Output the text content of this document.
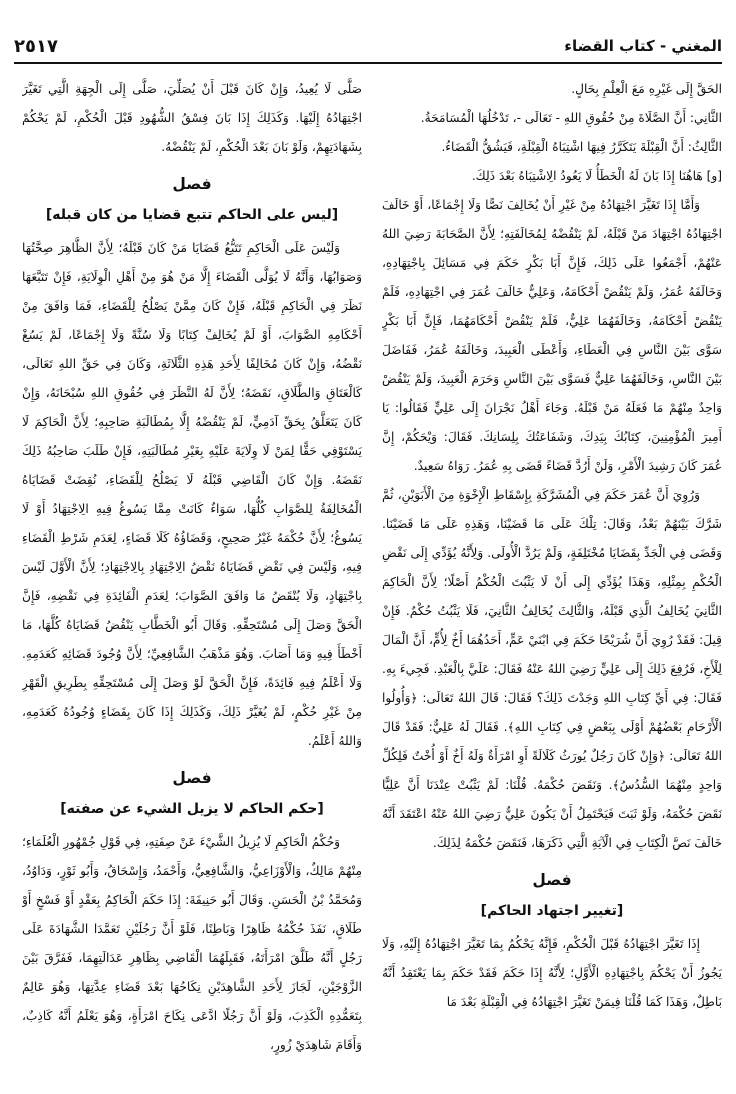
٢٥١٧	المغني - كتاب القضاء

الحَقَّ إِلَى غَيْرِهِ مَعَ الْعِلْمِ بِحَالٍ.

الثَّانِي: أَنَّ الصَّلَاةَ مِنْ حُقُوقِ اللهِ - تَعَالَى -، تَدْخُلُهَا الْمُسَامَحَةُ.

الثَّالِثُ: أَنَّ الْقِبْلَةَ يَتَكَرَّرُ فِيهَا اشْتِبَاهُ الْقِبْلَةِ، فَيَشُقُّ الْقَضَاءُ.

[و] هَاهُنَا إِذَا بَانَ لَهُ الْخَطَأُ لَا يَعُودُ الِاشْتِبَاهُ بَعْدَ ذَلِكَ.

وَأَمَّا إِذَا تَغَيَّرَ اجْتِهَادُهُ مِنْ غَيْرِ أَنْ يُخَالِفَ نَصًّا وَلَا إِجْمَاعًا، أَوْ خَالَفَ اجْتِهَادُهُ اجْتِهَادَ مَنْ قَبْلَهُ، لَمْ يَنْقُضْهُ لِمُخَالَفَتِهِ؛ لِأَنَّ الصَّحَابَةَ رَضِيَ اللهُ عَنْهُمْ، أَجْمَعُوا عَلَى ذَلِكَ، فَإِنَّ أَبَا بَكْرٍ حَكَمَ فِي مَسَائِلَ بِاجْتِهَادِهِ، وَخَالَفَهُ عُمَرُ، وَلَمْ يَنْقُضْ أَحْكَامَهُ، وَعَلِيٌّ خَالَفَ عُمَرَ فِي اجْتِهَادِهِ، فَلَمْ يَنْقُضْ أَحْكَامَهُ، وَخَالَفَهُمَا عَلِيٌّ، فَلَمْ يَنْقُضْ أَحْكَامَهُمَا، فَإِنَّ أَبَا بَكْرٍ سَوَّى بَيْنَ النَّاسِ فِي الْعَطَاءِ، وَأَعْطَى الْعَبِيدَ، وَخَالَفَهُ عُمَرُ، فَفَاضَلَ بَيْنَ النَّاسِ، وَخَالَفَهُمَا عَلِيٌّ فَسَوَّى بَيْنَ النَّاسِ وَحَرَمَ الْعَبِيدَ، وَلَمْ يَنْقُضْ وَاحِدٌ مِنْهُمْ مَا فَعَلَهُ مَنْ قَبْلَهُ. وَجَاءَ أَهْلُ نَجْرَانَ إِلَى عَلِيٍّ فَقَالُوا: يَا أَمِيرَ الْمُؤْمِنِينَ، كِتَابُكَ بِيَدِكَ، وَشَفَاعَتُكَ بِلِسَانِكَ. فَقَالَ: وَيْحَكُمْ، إِنَّ عُمَرَ كَانَ رَشِيدَ الْأَمْرِ، وَلَنْ أَرُدَّ قَضَاءً قَضَى بِهِ عُمَرُ. رَوَاهُ سَعِيدٌ.

وَرُوِيَ أَنَّ عُمَرَ حَكَمَ فِي الْمُشَرَّكَةِ بِإِسْقَاطِ الْإِخْوَةِ مِنَ الْأَبَوَيْنِ، ثُمَّ شَرَّكَ بَيْنَهُمْ بَعْدُ، وَقَالَ: تِلْكَ عَلَى مَا قَضَيْنَا، وَهَذِهِ عَلَى مَا قَضَيْنَا. وَقَضَى فِي الْجَدِّ بِقَضَايَا مُخْتَلِفَةٍ، وَلَمْ يَرُدَّ الْأُولَى. وَلِأَنَّهُ يُؤَدِّي إِلَى نَقْضِ الْحُكْمِ بِمِثْلِهِ، وَهَذَا يُؤَدِّي إِلَى أَنْ لَا يَثْبُتَ الْحُكْمُ أَصْلًا؛ لِأَنَّ الْحَاكِمَ الثَّانِيَ يُخَالِفُ الَّذِي قَبْلَهُ، وَالثَّالِثَ يُخَالِفُ الثَّانِيَ، فَلَا يَثْبُتُ حُكْمٌ. فَإِنْ قِيلَ: فَقَدْ رُوِيَ أَنَّ شُرَيْحًا حَكَمَ فِي ابْنَيْ عَمٍّ، أَحَدُهُمَا أَخٌ لِأُمٍّ، أَنَّ الْمَالَ لِلْأَخِ، فَرُفِعَ ذَلِكَ إِلَى عَلِيٍّ رَضِيَ اللهُ عَنْهُ فَقَالَ: عَلَيَّ بِالْعَبْدِ. فَجِيءَ بِهِ. فَقَالَ: فِي أَيِّ كِتَابِ اللهِ وَجَدْتَ ذَلِكَ؟ فَقَالَ: قَالَ اللهُ تَعَالَى: ﴿وَأُولُوا الْأَرْحَامِ بَعْضُهُمْ أَوْلَى بِبَعْضٍ فِي كِتَابِ اللهِ﴾. فَقَالَ لَهُ عَلِيٌّ: فَقَدْ قَالَ اللهُ تَعَالَى: ﴿وَإِنْ كَانَ رَجُلٌ يُورَثُ كَلَالَةً أَوِ امْرَأَةٌ وَلَهُ أَخٌ أَوْ أُخْتٌ فَلِكُلِّ وَاحِدٍ مِنْهُمَا السُّدُسُ﴾. وَنَقَضَ حُكْمَهُ. قُلْنَا: لَمْ يَثْبُتْ عِنْدَنَا أَنَّ عَلِيًّا نَقَضَ حُكْمَهُ، وَلَوْ ثَبَتَ فَيَحْتَمِلُ أَنْ يَكُونَ عَلِيٌّ رَضِيَ اللهُ عَنْهُ اعْتَقَدَ أَنَّهُ خَالَفَ نَصَّ الْكِتَابِ فِي الْآيَةِ الَّتِي ذَكَرَهَا، فَنَقَضَ حُكْمَهُ لِذَلِكَ.

فصل
[تغيير اجتهاد الحاكم]

إِذَا تَغَيَّرَ اجْتِهَادُهُ قَبْلَ الْحُكْمِ، فَإِنَّهُ يَحْكُمُ بِمَا تَغَيَّرَ اجْتِهَادُهُ إِلَيْهِ، وَلَا يَجُوزُ أَنْ يَحْكُمَ بِاجْتِهَادِهِ الْأَوَّلِ؛ لِأَنَّهُ إِذَا حَكَمَ فَقَدْ حَكَمَ بِمَا يَعْتَقِدُ أَنَّهُ بَاطِلٌ، وَهَذَا كَمَا قُلْنَا فِيمَنْ تَغَيَّرَ اجْتِهَادُهُ فِي الْقِبْلَةِ بَعْدَ مَا

صَلَّى لَا يُعِيدُ، وَإِنْ كَانَ قَبْلَ أَنْ يُصَلِّيَ، صَلَّى إِلَى الْجِهَةِ الَّتِي تَغَيَّرَ اجْتِهَادُهُ إِلَيْهَا. وَكَذَلِكَ إِذَا بَانَ فِسْقُ الشُّهُودِ قَبْلَ الْحُكْمِ، لَمْ يَحْكُمْ بِشَهَادَتِهِمْ، وَلَوْ بَانَ بَعْدَ الْحُكْمِ، لَمْ يَنْقُضْهُ.

فصل
[ليس على الحاكم تتبع قضايا من كان قبله]

وَلَيْسَ عَلَى الْحَاكِمِ تَتَبُّعُ قَضَايَا مَنْ كَانَ قَبْلَهُ؛ لِأَنَّ الظَّاهِرَ صِحَّتُهَا وَصَوَابُهَا، وَأَنَّهُ لَا يُوَلَّى الْقَضَاءَ إِلَّا مَنْ هُوَ مِنْ أَهْلِ الْوِلَايَةِ، فَإِنْ تَتَبَّعَهَا نَظَرَ فِي الْحَاكِمِ قَبْلَهُ، فَإِنْ كَانَ مِمَّنْ يَصْلُحُ لِلْقَضَاءِ، فَمَا وَافَقَ مِنْ أَحْكَامِهِ الصَّوَابَ، أَوْ لَمْ يُخَالِفْ كِتَابًا وَلَا سُنَّةً وَلَا إِجْمَاعًا، لَمْ يَسُغْ نَقْضُهُ، وَإِنْ كَانَ مُخَالِفًا لِأَحَدِ هَذِهِ الثَّلَاثَةِ، وَكَانَ فِي حَقِّ اللهِ تَعَالَى، كَالْعَتَاقِ وَالطَّلَاقِ، نَقَضَهُ؛ لِأَنَّ لَهُ النَّظَرَ فِي حُقُوقِ اللهِ سُبْحَانَهُ، وَإِنْ كَانَ يَتَعَلَّقُ بِحَقِّ آدَمِيٍّ، لَمْ يَنْقُضْهُ إِلَّا بِمُطَالَبَةِ صَاحِبِهِ؛ لِأَنَّ الْحَاكِمَ لَا يَسْتَوْفِي حَقًّا لِمَنْ لَا وِلَايَةَ عَلَيْهِ بِغَيْرِ مُطَالَبَتِهِ، فَإِنْ طَلَبَ صَاحِبُهُ ذَلِكَ نَقَضَهُ. وَإِنْ كَانَ الْقَاضِي قَبْلَهُ لَا يَصْلُحُ لِلْقَضَاءِ، نُقِضَتْ قَضَايَاهُ الْمُخَالِفَةُ لِلصَّوَابِ كُلُّهَا، سَوَاءٌ كَانَتْ مِمَّا يَسُوغُ فِيهِ الِاجْتِهَادُ أَوْ لَا يَسُوغُ؛ لِأَنَّ حُكْمَهُ غَيْرُ صَحِيحٍ، وَقَضَاؤُهُ كَلَا قَضَاءٍ، لِعَدَمِ شَرْطِ الْقَضَاءِ فِيهِ، وَلَيْسَ فِي نَقْضِ قَضَايَاهُ نَقْضُ الِاجْتِهَادِ بِالِاجْتِهَادِ؛ لِأَنَّ الْأَوَّلَ لَيْسَ بِاجْتِهَادٍ، وَلَا يُنْقَضُ مَا وَافَقَ الصَّوَابَ؛ لِعَدَمِ الْفَائِدَةِ فِي نَقْضِهِ، فَإِنَّ الْحَقَّ وَصَلَ إِلَى مُسْتَحِقِّهِ. وَقَالَ أَبُو الْخَطَّابِ يَنْقُضُ قَضَايَاهُ كُلَّهَا، مَا أَخْطَأَ فِيهِ وَمَا أَصَابَ. وَهُوَ مَذْهَبُ الشَّافِعِيِّ؛ لِأَنَّ وُجُودَ قَضَائِهِ كَعَدَمِهِ. وَلَا أَعْلَمُ فِيهِ فَائِدَةً، فَإِنَّ الْحَقَّ لَوْ وَصَلَ إِلَى مُسْتَحِقِّهِ بِطَرِيقِ الْقَهْرِ مِنْ غَيْرِ حُكْمٍ، لَمْ يُغَيَّرْ ذَلِكَ، وَكَذَلِكَ إِذَا كَانَ بِقَضَاءٍ وُجُودُهُ كَعَدَمِهِ، وَاللهُ أَعْلَمُ.

فصل
[حكم الحاكم لا يزيل الشيء عن صفته]

وَحُكْمُ الْحَاكِمِ لَا يُزِيلُ الشَّيْءَ عَنْ صِفَتِهِ، فِي قَوْلِ جُمْهُورِ الْعُلَمَاءِ؛ مِنْهُمْ مَالِكٌ، وَالْأَوْزَاعِيُّ، وَالشَّافِعِيُّ، وَأَحْمَدُ، وَإِسْحَاقُ، وَأَبُو ثَوْرٍ، وَدَاوُدُ، وَمُحَمَّدُ بْنُ الْحَسَنِ. وَقَالَ أَبُو حَنِيفَةَ: إِذَا حَكَمَ الْحَاكِمُ بِعَقْدٍ أَوْ فَسْخٍ أَوْ طَلَاقٍ، نَفَذَ حُكْمُهُ ظَاهِرًا وَبَاطِنًا، فَلَوْ أَنَّ رَجُلَيْنِ تَعَمَّدَا الشَّهَادَةَ عَلَى رَجُلٍ أَنَّهُ طَلَّقَ امْرَأَتَهُ، فَقَبِلَهُمَا الْقَاضِي بِظَاهِرِ عَدَالَتِهِمَا، فَفَرَّقَ بَيْنَ الزَّوْجَيْنِ، لَجَازَ لِأَحَدِ الشَّاهِدَيْنِ نِكَاحُهَا بَعْدَ قَضَاءِ عِدَّتِهَا، وَهُوَ عَالِمٌ بِتَعَمُّدِهِ الْكَذِبَ، وَلَوْ أَنَّ رَجُلًا ادَّعَى نِكَاحَ امْرَأَةٍ، وَهُوَ يَعْلَمُ أَنَّهُ كَاذِبٌ، وَأَقَامَ شَاهِدَيْ زُورٍ،
